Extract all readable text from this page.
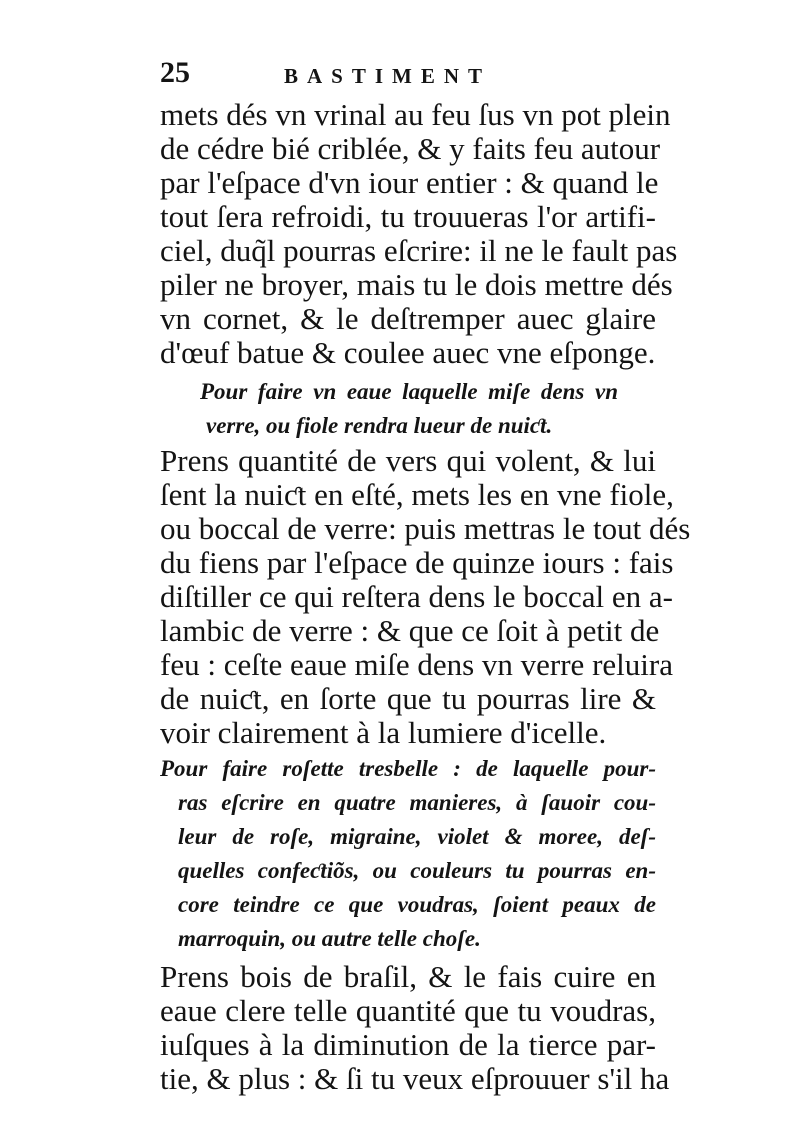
25	BASTIMENT
mets dés vn vrinal au feu ſus vn pot plein
de cédre bié criblée, & y faits feu autour
par l'eſpace d'vn iour entier : & quand le
tout ſera refroidi, tu trouueras l'or artifi-
ciel, duq̃l pourras eſcrire: il ne le fault pas
piler ne broyer, mais tu le dois mettre dés
vn cornet, & le deſtremper auec glaire
d'œuf batue & coulee auec vne eſponge.
Pour faire vn eaue laquelle miſe dens vn
verre, ou fiole rendra lueur de nuiƈt.
Prens quantité de vers qui volent, & lui
ſent la nuiƈt en eſté, mets les en vne fiole,
ou boccal de verre: puis mettras le tout dés
du fiens par l'eſpace de quinze iours : fais
diſtiller ce qui reſtera dens le boccal en a-
lambic de verre : & que ce ſoit à petit de
feu : ceſte eaue miſe dens vn verre reluira
de nuiƈt, en ſorte que tu pourras lire &
voir clairement à la lumiere d'icelle.
Pour faire roſette tresbelle : de laquelle pour-
ras eſcrire en quatre manieres, à ſauoir cou-
leur de roſe, migraine, violet & moree, deſ-
quelles confeƈtiõs, ou couleurs tu pourras en-
core teindre ce que voudras, ſoient peaux de
marroquin, ou autre telle choſe.
Prens bois de braſil, & le fais cuire en
eaue clere telle quantité que tu voudras,
iuſques à la diminution de la tierce par-
tie, & plus : & ſi tu veux eſprouuer s'il ha
